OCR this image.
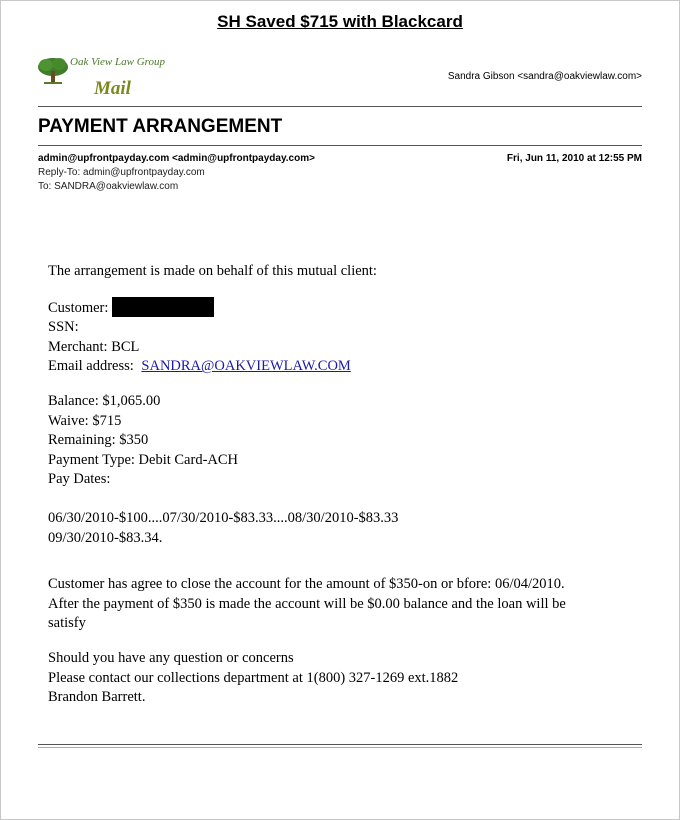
SH Saved $715 with Blackcard
Oak View Law Group
Mail
Sandra Gibson <sandra@oakviewlaw.com>
PAYMENT ARRANGEMENT
admin@upfrontpayday.com <admin@upfrontpayday.com>	Fri, Jun 11, 2010 at 12:55 PM
Reply-To: admin@upfrontpayday.com
To: SANDRA@oakviewlaw.com

The arrangement is made on behalf of this mutual client:

Customer:

SSN:

Merchant: BCL

Email address: SANDRA@OAKVIEWLAW.COM

Balance: $1,065.00

Waive: $715

Remaining: $350

Payment Type: Debit Card-ACH

Pay Dates:

06/30/2010-$100....07/30/2010-$83.33....08/30/2010-$83.33

09/30/2010-$83.34.

Customer has agree to close the account for the amount of $350-on or bfore: 06/04/2010.

After the payment of $350 is made the account will be $0.00 balance and the loan will be

satisfy

Should you have any question or concerns

Please contact our collections department at 1(800) 327-1269 ext.1882

Brandon Barrett.
